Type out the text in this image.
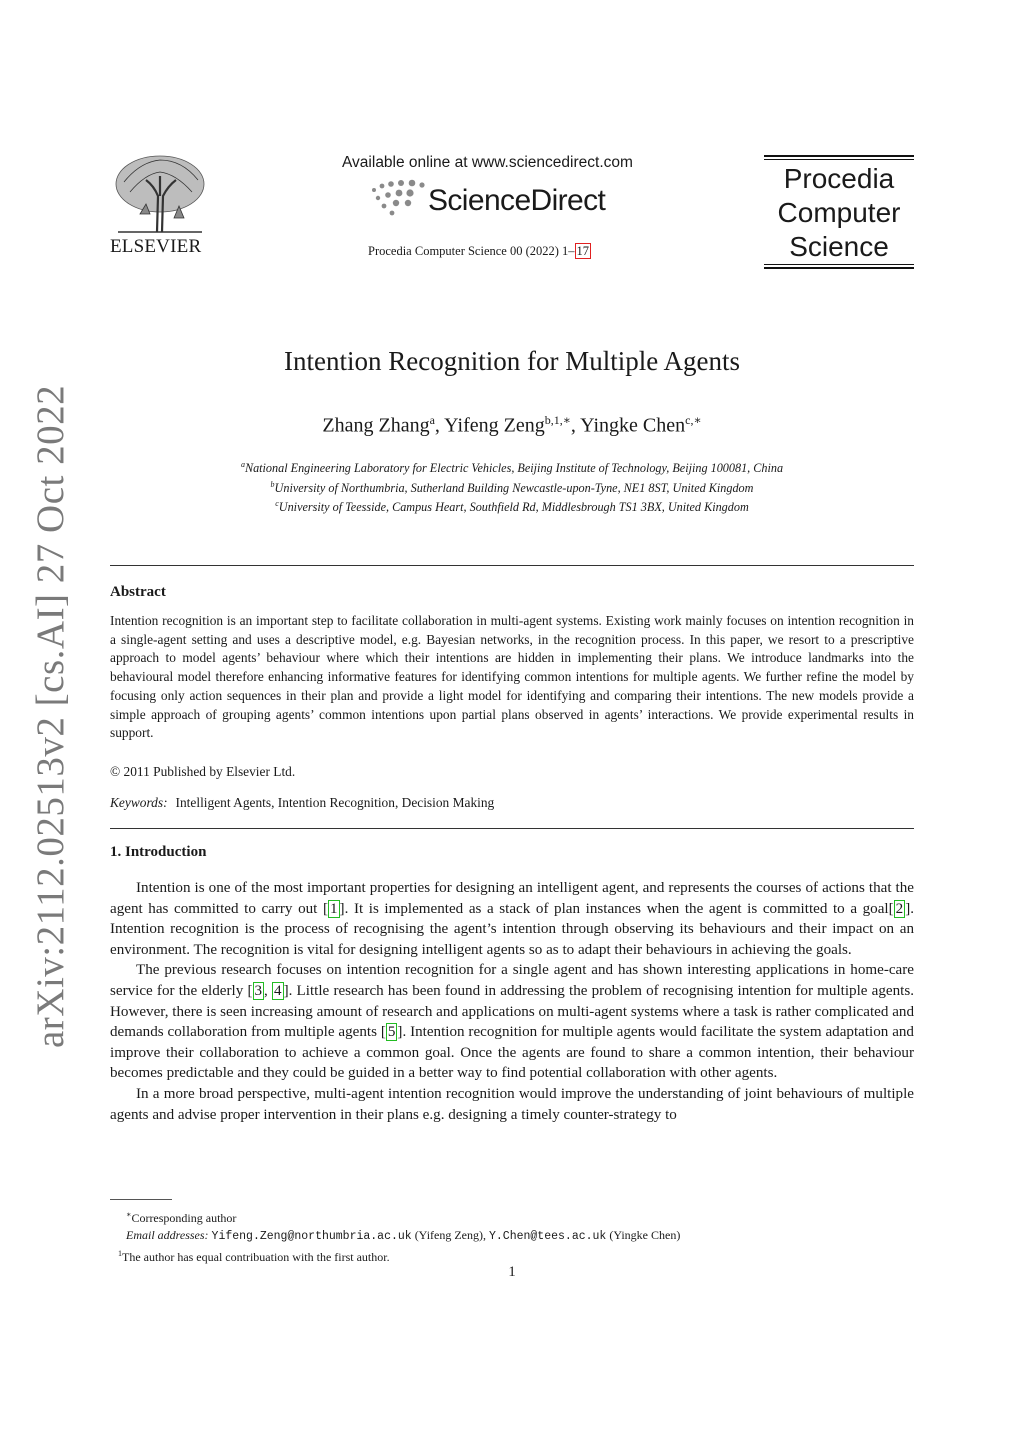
arXiv:2112.02513v2 [cs.AI] 27 Oct 2022
ELSEVIER
Available online at www.sciencedirect.com
ScienceDirect
Procedia Computer Science 00 (2022) 1– 17
Procedia
Computer
Science
Intention Recognition for Multiple Agents
Zhang Zhang$^a$, Yifeng Zeng$^{b,1,∗}$, Yingke Chen$^{c,∗}$
$^a$National Engineering Laboratory for Electric Vehicles, Beijing Institute of Technology, Beijing 100081, China
$^b$University of Northumbria, Sutherland Building Newcastle-upon-Tyne, NE1 8ST, United Kingdom
$^c$University of Teesside, Campus Heart, Southfield Rd, Middlesbrough TS1 3BX, United Kingdom
Abstract
Intention recognition is an important step to facilitate collaboration in multi-agent systems. Existing work mainly focuses on intention recognition in a single-agent setting and uses a descriptive model, e.g. Bayesian networks, in the recognition process. In this paper, we resort to a prescriptive approach to model agents’ behaviour where which their intentions are hidden in implementing their plans. We introduce landmarks into the behavioural model therefore enhancing informative features for identifying common intentions for multiple agents. We further refine the model by focusing only action sequences in their plan and provide a light model for identifying and comparing their intentions. The new models provide a simple approach of grouping agents’ common intentions upon partial plans observed in agents’ interactions. We provide experimental results in support.
© 2011 Published by Elsevier Ltd.
Keywords: Intelligent Agents, Intention Recognition, Decision Making
1. Introduction

Intention is one of the most important properties for designing an intelligent agent, and represents the courses of actions that the agent has committed to carry out [ 1 ]. It is implemented as a stack of plan instances when the agent is committed to a goal[ 2 ]. Intention recognition is the process of recognising the agent’s intention through observing its behaviours and their impact on an environment. The recognition is vital for designing intelligent agents so as to adapt their behaviours in achieving the goals.

The previous research focuses on intention recognition for a single agent and has shown interesting applications in home-care service for the elderly [ 3 , 4 ]. Little research has been found in addressing the problem of recognising intention for multiple agents. However, there is seen increasing amount of research and applications on multi-agent systems where a task is rather complicated and demands collaboration from multiple agents [ 5 ]. Intention recognition for multiple agents would facilitate the system adaptation and improve their collaboration to achieve a common goal. Once the agents are found to share a common intention, their behaviour becomes predictable and they could be guided in a better way to find potential collaboration with other agents.

In a more broad perspective, multi-agent intention recognition would improve the understanding of joint behaviours of multiple agents and advise proper intervention in their plans e.g. designing a timely counter-strategy to

∗Corresponding author
Email addresses: Yifeng.Zeng@northumbria.ac.uk (Yifeng Zeng), Y.Chen@tees.ac.uk (Yingke Chen)
$^1$The author has equal contribuation with the first author.
1
